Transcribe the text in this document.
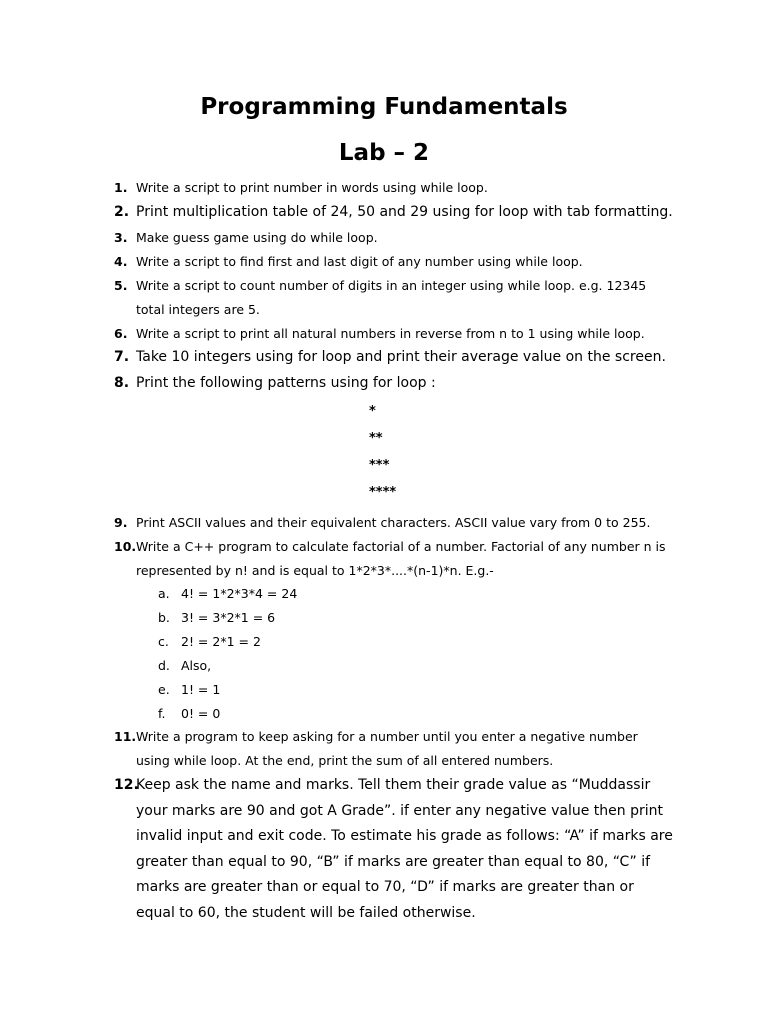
Programming Fundamentals
Lab – 2
1. Write a script to print number in words using while loop.
2. Print multiplication table of 24, 50 and 29 using for loop with tab formatting.
3. Make guess game using do while loop.
4. Write a script to find first and last digit of any number using while loop.
5. Write a script to count number of digits in an integer using while loop. e.g. 12345 total integers are 5.
6. Write a script to print all natural numbers in reverse from n to 1 using while loop.
7. Take 10 integers using for loop and print their average value on the screen.
8. Print the following patterns using for loop :
*
**
***
****
9. Print ASCII values and their equivalent characters. ASCII value vary from 0 to 255.
10. Write a C++ program to calculate factorial of a number. Factorial of any number n is represented by n! and is equal to 1*2*3*....*(n-1)*n. E.g.-
a. 4! = 1*2*3*4 = 24
b. 3! = 3*2*1 = 6
c. 2! = 2*1 = 2
d. Also,
e. 1! = 1
f. 0! = 0
11. Write a program to keep asking for a number until you enter a negative number using while loop. At the end, print the sum of all entered numbers.
12.
Keep ask the name and marks. Tell them their grade value as “Muddassir your marks are 90 and got A Grade”. if enter any negative value then print invalid input and exit code. To estimate his grade as follows: “A” if marks are greater than equal to 90, “B” if marks are greater than equal to 80, “C” if marks are greater than or equal to 70, “D” if marks are greater than or equal to 60, the student will be failed otherwise.
